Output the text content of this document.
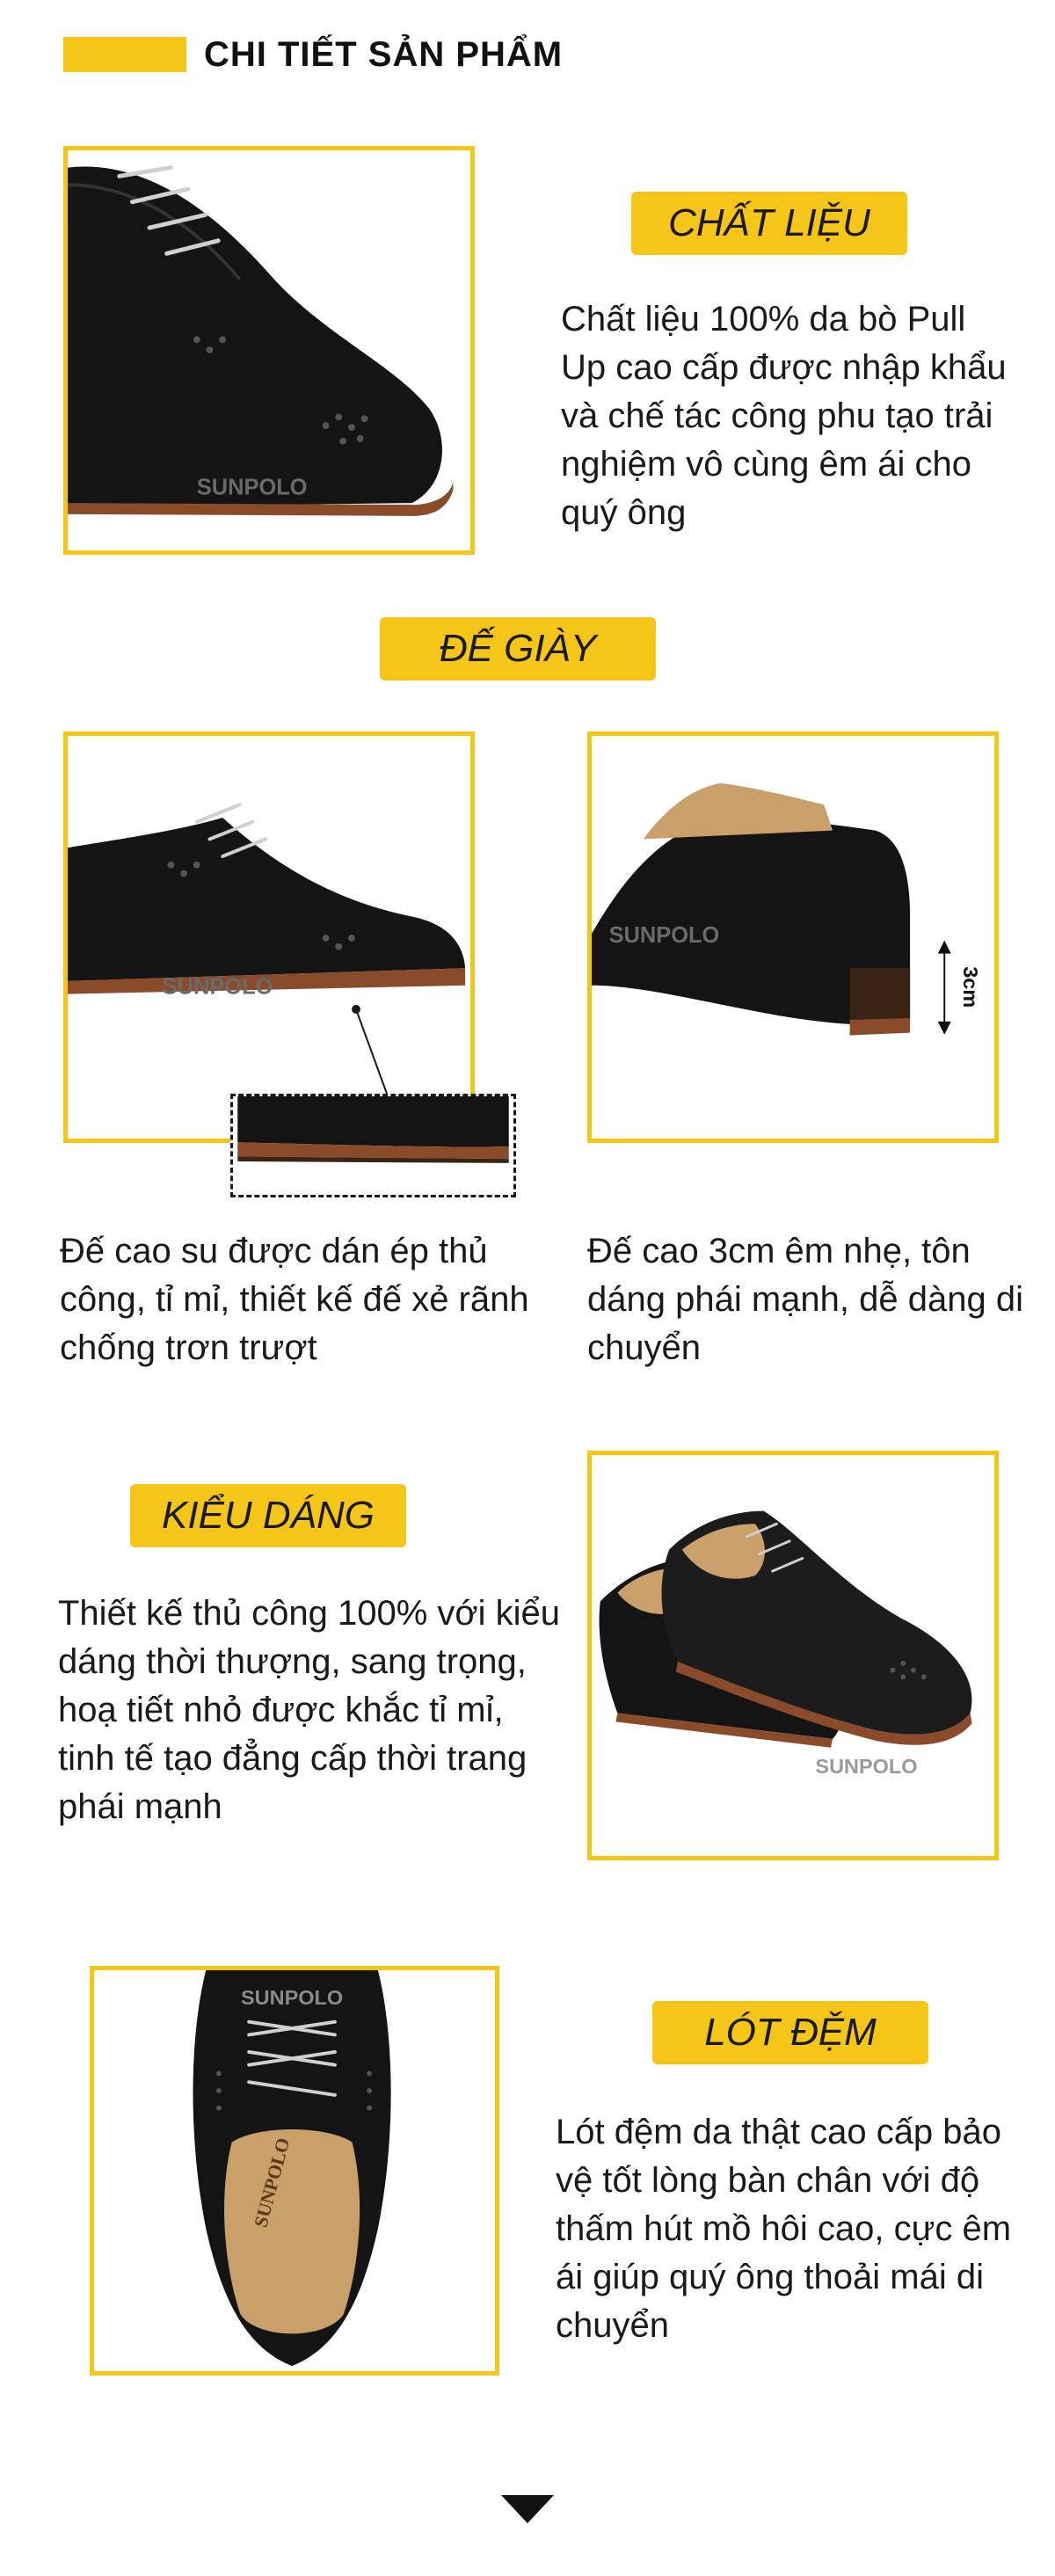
CHI TIẾT SẢN PHẨM
SUNPOLO
CHẤT LIỆU
Chất liệu 100% da bò Pull Up cao cấp được nhập khẩu và chế tác công phu tạo trải nghiệm vô cùng êm ái cho quý ông
ĐẾ GIÀY
SUNPOLO
SUNPOLO
3cm
Đế cao su được dán ép thủ công, tỉ mỉ, thiết kế đế xẻ rãnh chống trơn trượt
Đế cao 3cm êm nhẹ, tôn dáng phái mạnh, dễ dàng di chuyển
KIỂU DÁNG
Thiết kế thủ công 100% với kiểu dáng thời thượng, sang trọng, hoạ tiết nhỏ được khắc tỉ mỉ, tinh tế tạo đẳng cấp thời trang phái mạnh
SUNPOLO
SUNPOLO
SUNPOLO
LÓT ĐỆM
Lót đệm da thật cao cấp bảo vệ tốt lòng bàn chân với độ thấm hút mồ hôi cao, cực êm ái giúp quý ông thoải mái di chuyển
